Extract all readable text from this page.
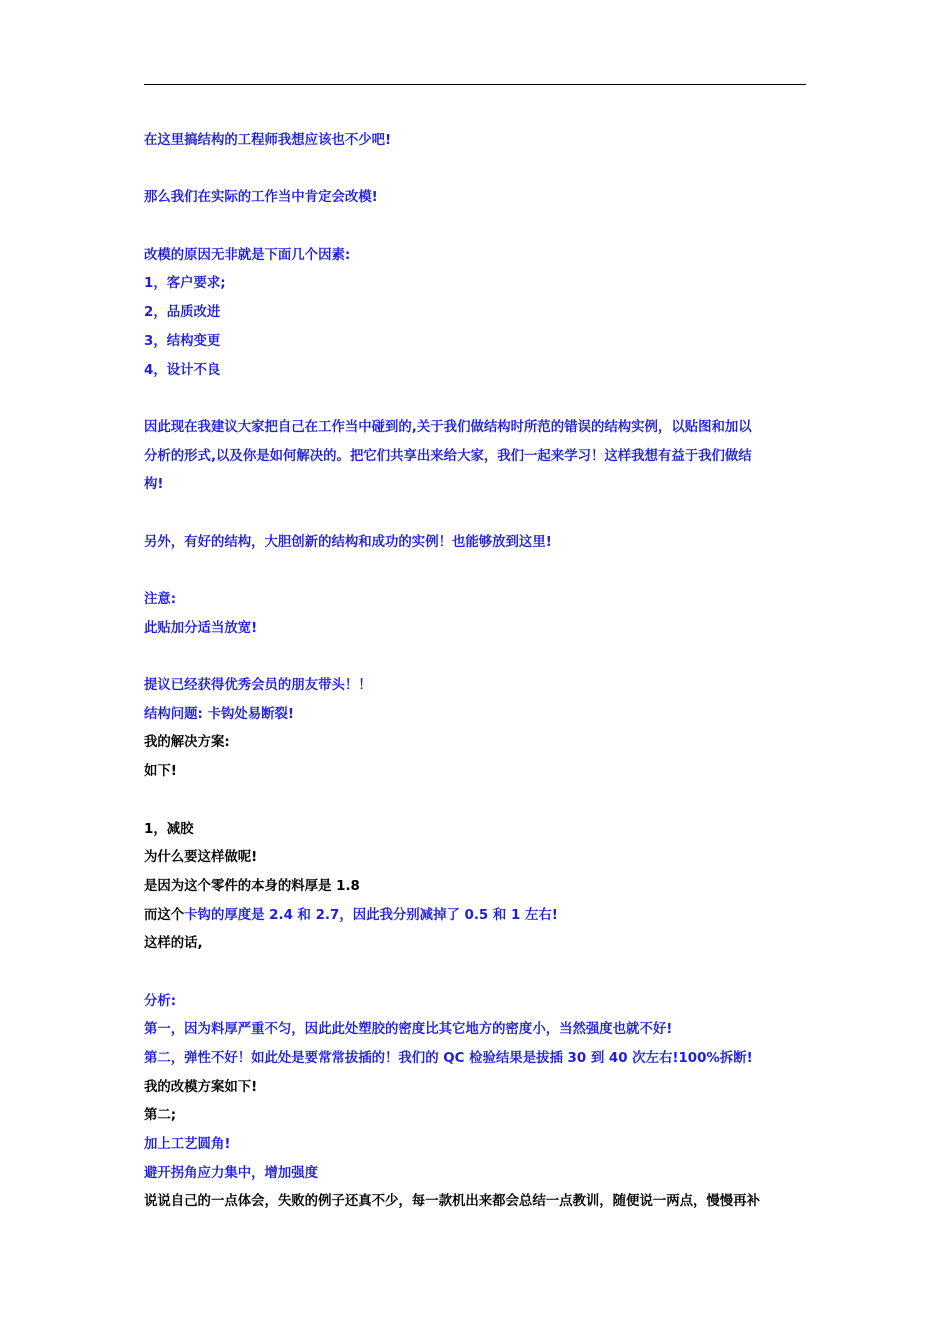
在这里搞结构的工程师我想应该也不少吧!
那么我们在实际的工作当中肯定会改模!
改模的原因无非就是下面几个因素:
1，客户要求;
2，品质改进
3，结构变更
4，设计不良
因此现在我建议大家把自己在工作当中碰到的,关于我们做结构时所范的错误的结构实例，以贴图和加以
分析的形式,以及你是如何解决的。把它们共享出来给大家，我们一起来学习！这样我想有益于我们做结
构!
另外，有好的结构，大胆创新的结构和成功的实例！也能够放到这里!
注意:
此贴加分适当放宽!
提议已经获得优秀会员的朋友带头！！
结构问题: 卡钩处易断裂!
我的解决方案:
如下!
1，减胶
为什么要这样做呢!
是因为这个零件的本身的料厚是 1.8
而这个卡钩的厚度是 2.4 和 2.7，因此我分别减掉了 0.5 和 1 左右!
这样的话,
分析:
第一，因为料厚严重不匀，因此此处塑胶的密度比其它地方的密度小，当然强度也就不好!
第二，弹性不好！如此处是要常常拔插的！我们的 QC 检验结果是拔插 30 到 40 次左右!100%拆断!
我的改模方案如下!
第二;
加上工艺圆角!
避开拐角应力集中，增加强度
说说自己的一点体会，失败的例子还真不少，每一款机出来都会总结一点教训，随便说一两点，慢慢再补
